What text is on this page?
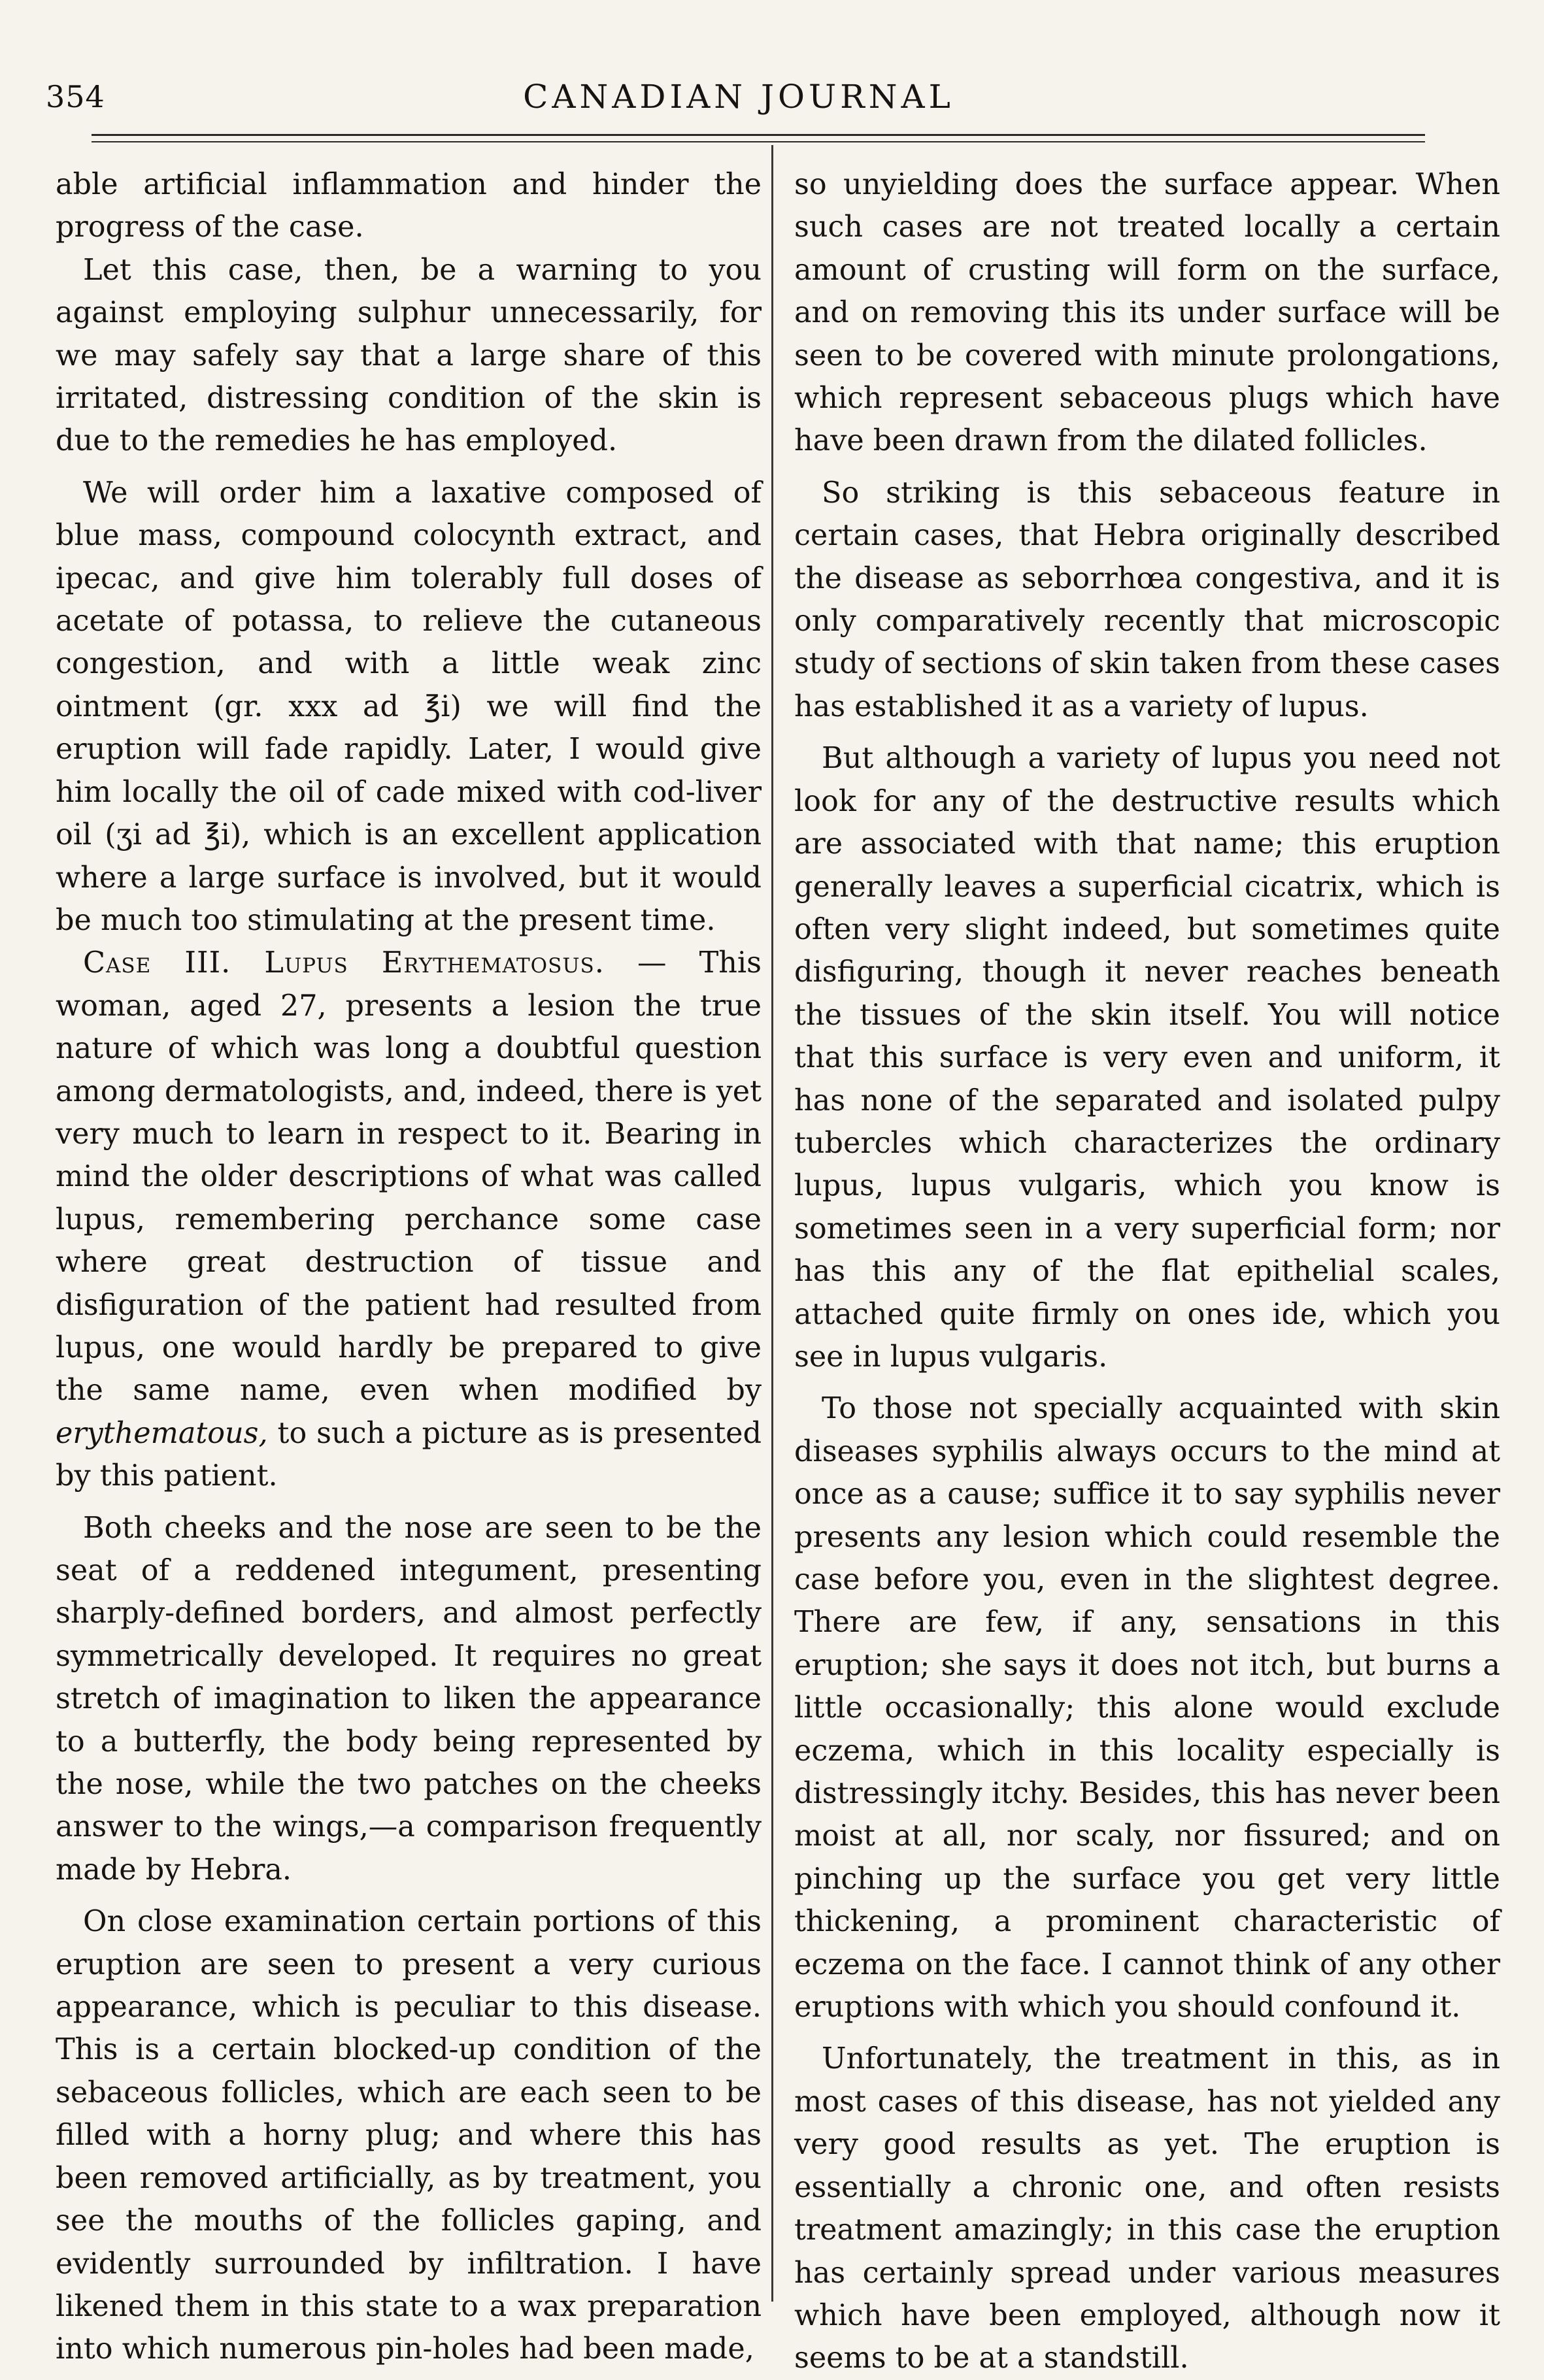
354	CANADIAN JOURNAL

able artificial inflammation and hinder the progress of the case.

Let this case, then, be a warning to you against employing sulphur unnecessarily, for we may safely say that a large share of this irritated, distressing condition of the skin is due to the remedies he has employed.

We will order him a laxative composed of blue mass, compound colocynth extract, and ipecac, and give him tolerably full doses of acetate of potassa, to relieve the cutaneous congestion, and with a little weak zinc ointment (gr. xxx ad ℥i) we will find the eruption will fade rapidly. Later, I would give him locally the oil of cade mixed with cod-liver oil (ʒi ad ℥i), which is an excellent application where a large surface is involved, but it would be much too stimulating at the present time.

Case III. Lupus Erythematosus. — This woman, aged 27, presents a lesion the true nature of which was long a doubtful question among dermatologists, and, indeed, there is yet very much to learn in respect to it. Bearing in mind the older descriptions of what was called lupus, remembering perchance some case where great destruction of tissue and disfiguration of the patient had resulted from lupus, one would hardly be prepared to give the same name, even when modified by erythematous, to such a picture as is presented by this patient.

Both cheeks and the nose are seen to be the seat of a reddened integument, presenting sharply-defined borders, and almost perfectly symmetrically developed. It requires no great stretch of imagination to liken the appearance to a butterfly, the body being represented by the nose, while the two patches on the cheeks answer to the wings,—a comparison frequently made by Hebra.

On close examination certain portions of this eruption are seen to present a very curious appearance, which is peculiar to this disease. This is a certain blocked-up condition of the sebaceous follicles, which are each seen to be filled with a horny plug; and where this has been removed artificially, as by treatment, you see the mouths of the follicles gaping, and evidently surrounded by infiltration. I have likened them in this state to a wax preparation into which numerous pin-holes had been made,

so unyielding does the surface appear. When such cases are not treated locally a certain amount of crusting will form on the surface, and on removing this its under surface will be seen to be covered with minute prolongations, which represent sebaceous plugs which have have been drawn from the dilated follicles.

So striking is this sebaceous feature in certain cases, that Hebra originally described the disease as seborrhœa congestiva, and it is only comparatively recently that microscopic study of sections of skin taken from these cases has established it as a variety of lupus.

But although a variety of lupus you need not look for any of the destructive results which are associated with that name; this eruption generally leaves a superficial cicatrix, which is often very slight indeed, but sometimes quite disfiguring, though it never reaches beneath the tissues of the skin itself. You will notice that this surface is very even and uniform, it has none of the separated and isolated pulpy tubercles which characterizes the ordinary lupus, lupus vulgaris, which you know is sometimes seen in a very superficial form; nor has this any of the flat epithelial scales, attached quite firmly on ones ide, which you see in lupus vulgaris.

To those not specially acquainted with skin diseases syphilis always occurs to the mind at once as a cause; suffice it to say syphilis never presents any lesion which could resemble the case before you, even in the slightest degree. There are few, if any, sensations in this eruption; she says it does not itch, but burns a little occasionally; this alone would exclude eczema, which in this locality especially is distressingly itchy. Besides, this has never been moist at all, nor scaly, nor fissured; and on pinching up the surface you get very little thickening, a prominent characteristic of eczema on the face. I cannot think of any other eruptions with which you should confound it.

Unfortunately, the treatment in this, as in most cases of this disease, has not yielded any very good results as yet. The eruption is essentially a chronic one, and often resists treatment amazingly; in this case the eruption has certainly spread under various measures which have been employed, although now it seems to be at a standstill.
